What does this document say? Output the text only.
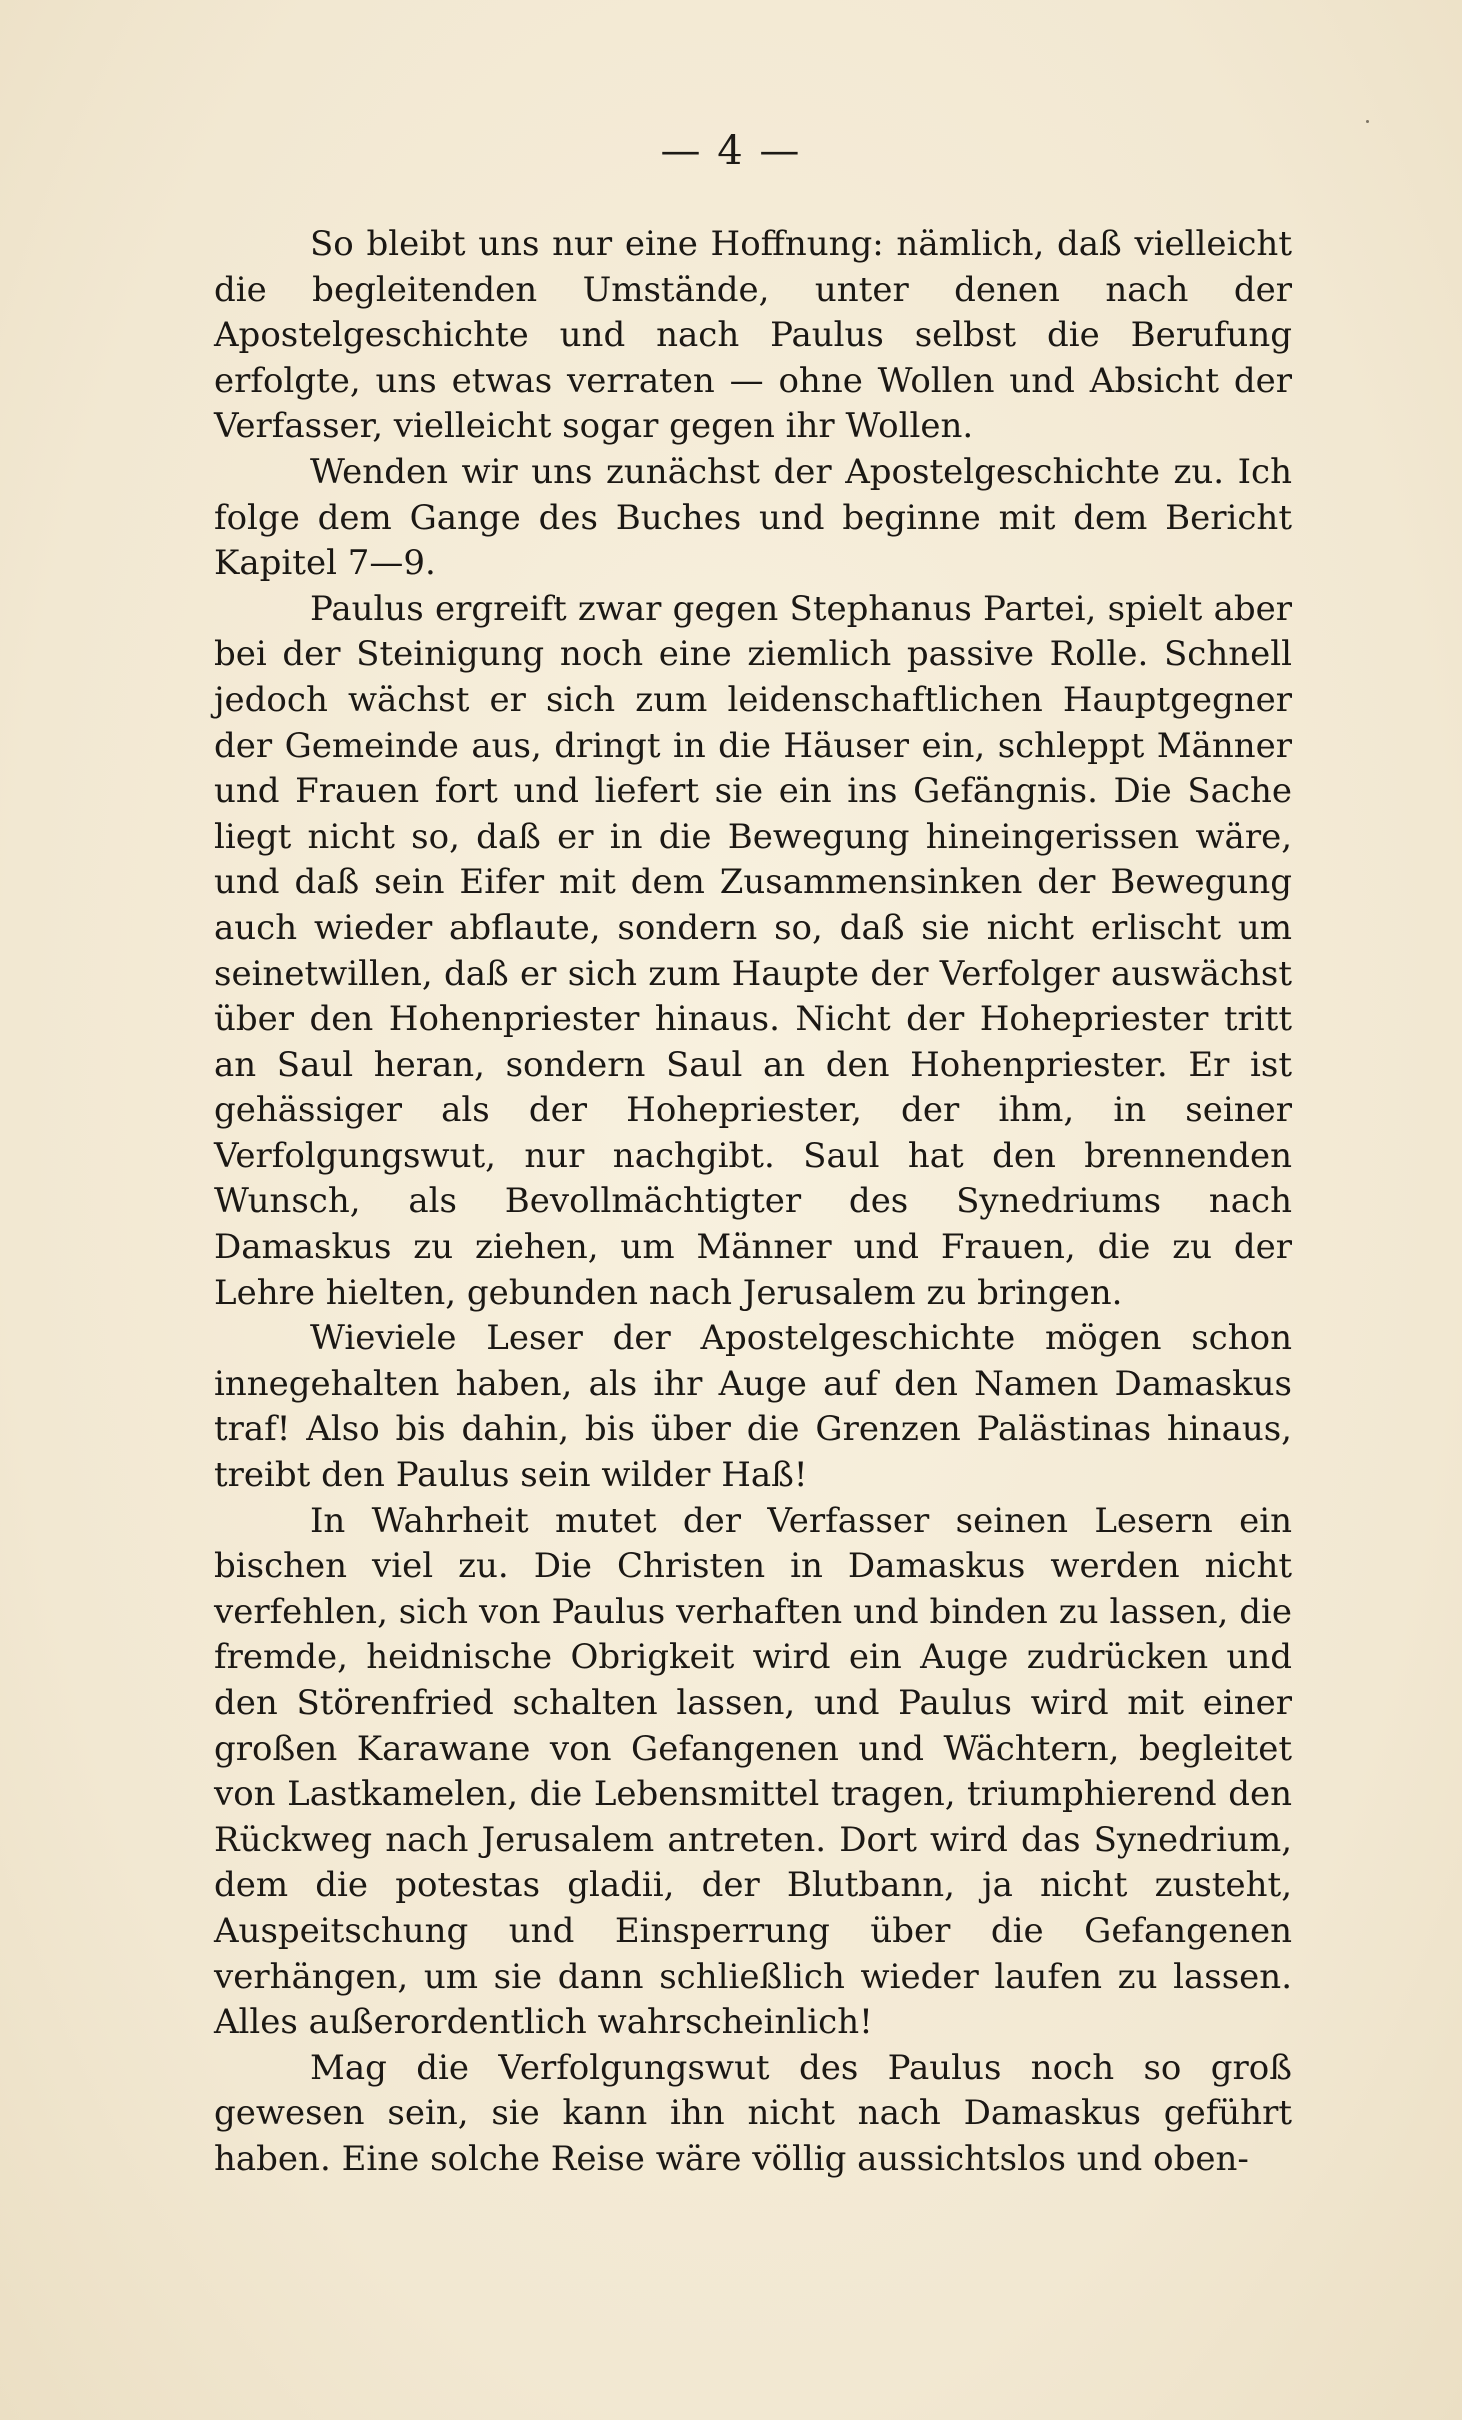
— 4 —

So bleibt uns nur eine Hoffnung: nämlich, daß vielleicht die begleitenden Umstände, unter denen nach der Apostelgeschichte und nach Paulus selbst die Berufung erfolgte, uns etwas verraten — ohne Wollen und Absicht der Verfasser, vielleicht sogar gegen ihr Wollen.

Wenden wir uns zunächst der Apostelgeschichte zu. Ich folge dem Gange des Buches und beginne mit dem Bericht Kapitel 7—9.

Paulus ergreift zwar gegen Stephanus Partei, spielt aber bei der Steinigung noch eine ziemlich passive Rolle. Schnell jedoch wächst er sich zum leidenschaftlichen Hauptgegner der Gemeinde aus, dringt in die Häuser ein, schleppt Männer und Frauen fort und liefert sie ein ins Gefängnis. Die Sache liegt nicht so, daß er in die Bewegung hineingerissen wäre, und daß sein Eifer mit dem Zusammensinken der Bewegung auch wieder abflaute, sondern so, daß sie nicht erlischt um seinetwillen, daß er sich zum Haupte der Verfolger auswächst über den Hohenpriester hinaus. Nicht der Hohepriester tritt an Saul heran, sondern Saul an den Hohenpriester. Er ist gehässiger als der Hohepriester, der ihm, in seiner Verfolgungswut, nur nachgibt. Saul hat den brennenden Wunsch, als Bevollmächtigter des Synedriums nach Damaskus zu ziehen, um Männer und Frauen, die zu der Lehre hielten, gebunden nach Jerusalem zu bringen.

Wieviele Leser der Apostelgeschichte mögen schon innegehalten haben, als ihr Auge auf den Namen Damaskus traf! Also bis dahin, bis über die Grenzen Palästinas hinaus, treibt den Paulus sein wilder Haß!

In Wahrheit mutet der Verfasser seinen Lesern ein bischen viel zu. Die Christen in Damaskus werden nicht verfehlen, sich von Paulus verhaften und binden zu lassen, die fremde, heidnische Obrigkeit wird ein Auge zudrücken und den Störenfried schalten lassen, und Paulus wird mit einer großen Karawane von Gefangenen und Wächtern, begleitet von Lastkamelen, die Lebensmittel tragen, triumphierend den Rückweg nach Jerusalem antreten. Dort wird das Synedrium, dem die potestas gladii, der Blutbann, ja nicht zusteht, Auspeitschung und Einsperrung über die Gefangenen verhängen, um sie dann schließlich wieder laufen zu lassen. Alles außerordentlich wahrscheinlich!

Mag die Verfolgungswut des Paulus noch so groß gewesen sein, sie kann ihn nicht nach Damaskus geführt haben. Eine solche Reise wäre völlig aussichtslos und oben-
